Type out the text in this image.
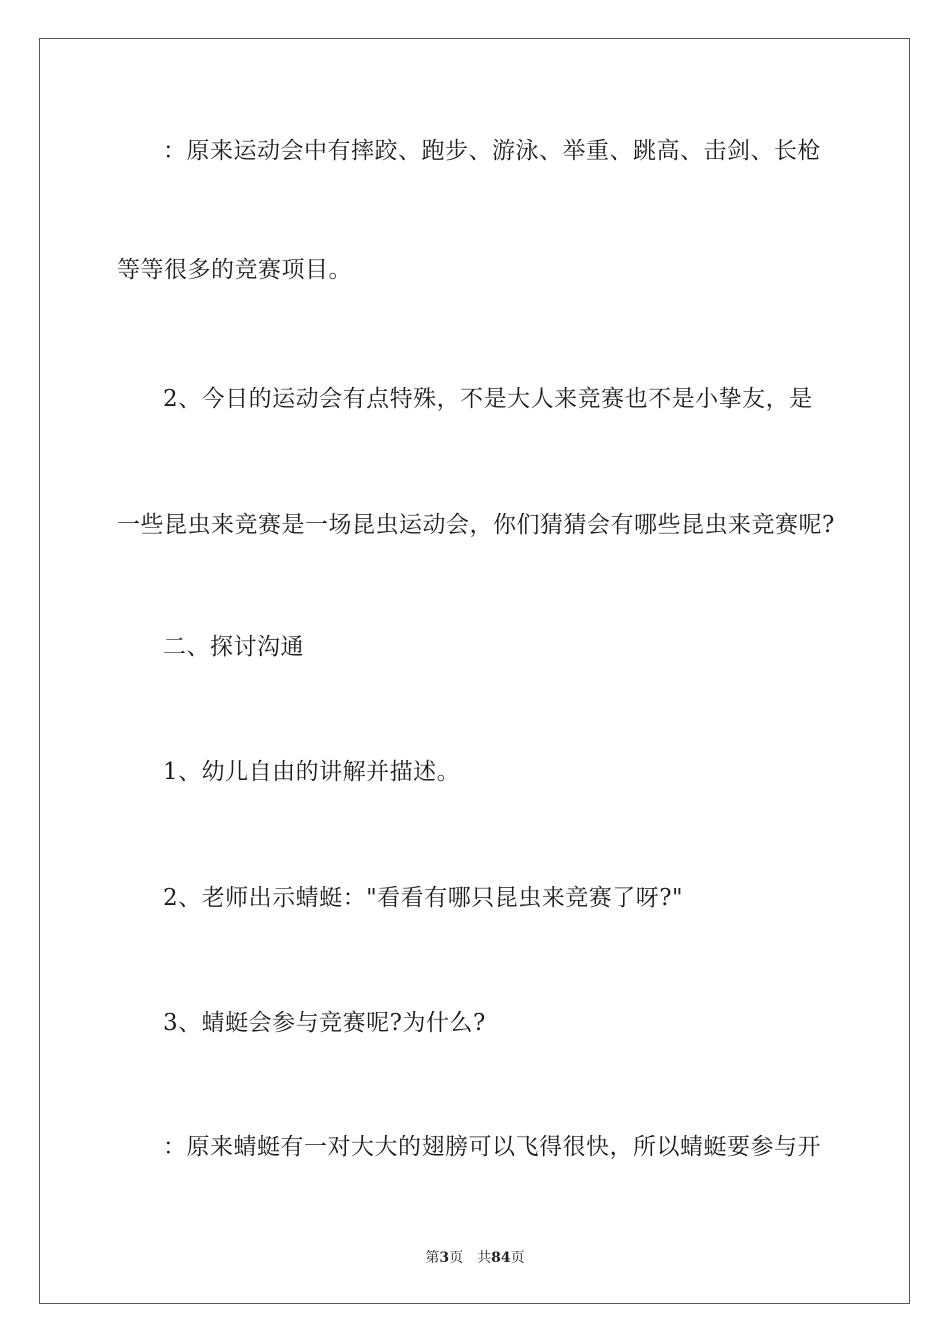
：原来运动会中有摔跤、跑步、游泳、举重、跳高、击剑、长枪
等等很多的竞赛项目。
2、今日的运动会有点特殊，不是大人来竞赛也不是小挚友，是
一些昆虫来竞赛是一场昆虫运动会，你们猜猜会有哪些昆虫来竞赛呢?
二、探讨沟通
1、幼儿自由的讲解并描述。
2、老师出示蜻蜓："看看有哪只昆虫来竞赛了呀?"
3、蜻蜓会参与竞赛呢?为什么?
：原来蜻蜓有一对大大的翅膀可以飞得很快，所以蜻蜓要参与开
第3页 共84页
